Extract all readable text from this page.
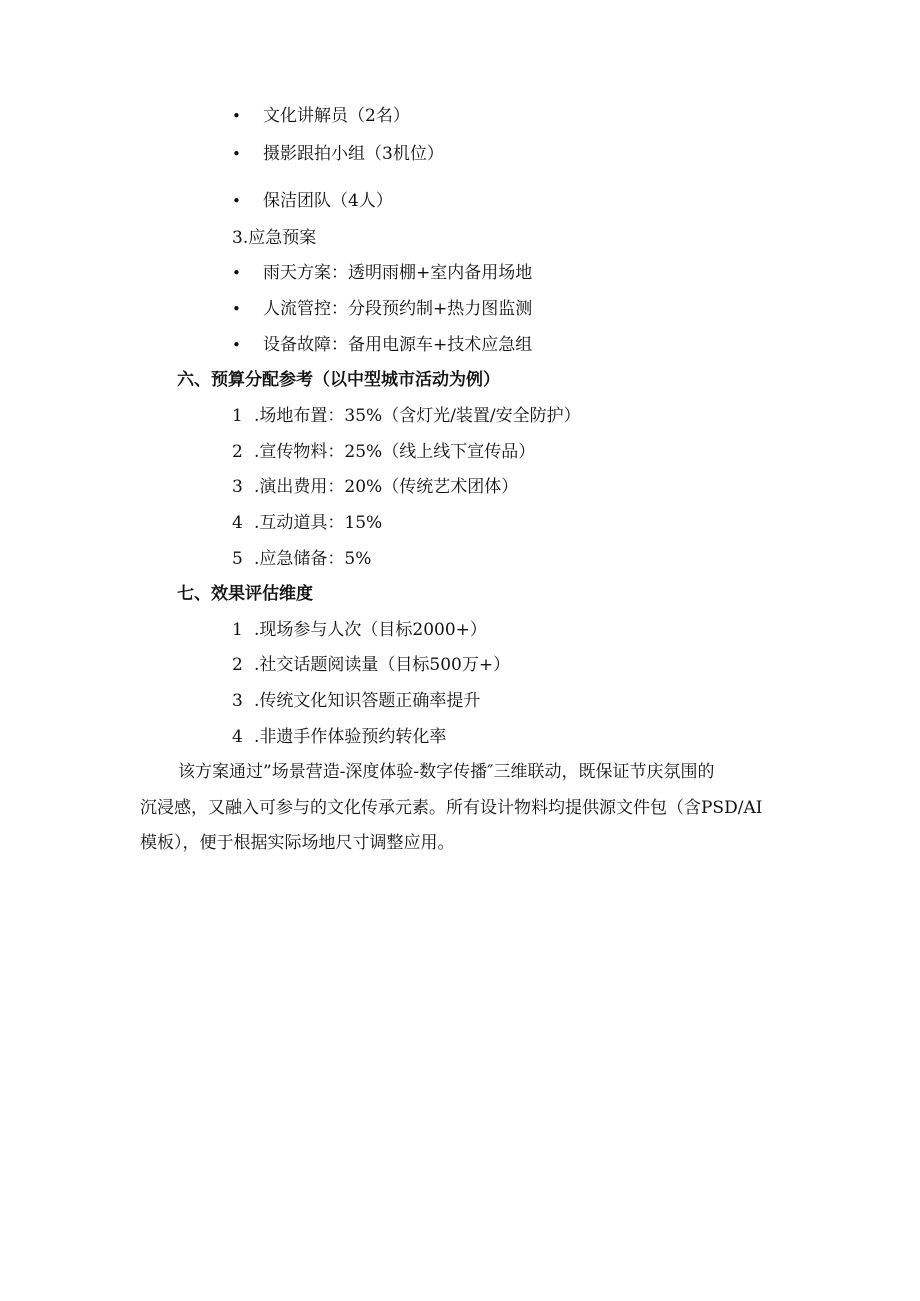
• 文化讲解员（2名）
• 摄影跟拍小组（3机位）
• 保洁团队（4人）
3.应急预案
• 雨天方案：透明雨棚+室内备用场地
• 人流管控：分段预约制+热力图监测
• 设备故障：备用电源车+技术应急组
六、预算分配参考（以中型城市活动为例）
1 .场地布置：35%（含灯光/装置/安全防护）
2 .宣传物料：25%（线上线下宣传品）
3 .演出费用：20%（传统艺术团体）
4 .互动道具：15%
5 .应急储备：5%
七、效果评估维度
1 .现场参与人次（目标2000+）
2 .社交话题阅读量（目标500万+）
3 .传统文化知识答题正确率提升
4 .非遗手作体验预约转化率
该方案通过”场景营造-深度体验-数字传播″三维联动，既保证节庆氛围的
沉浸感，又融入可参与的文化传承元素。所有设计物料均提供源文件包（含PSD/AI
模板），便于根据实际场地尺寸调整应用。
